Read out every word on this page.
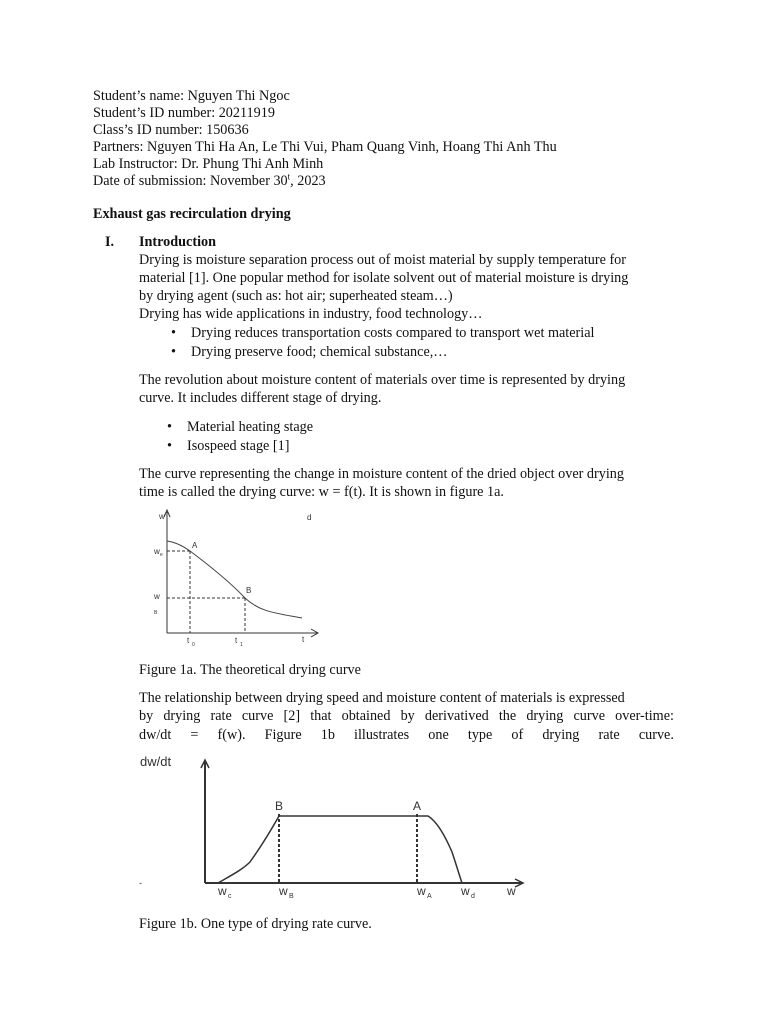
Student’s name: Nguyen Thi Ngoc
Student’s ID number: 20211919
Class’s ID number: 150636
Partners: Nguyen Thi Ha An, Le Thi Vui, Pham Quang Vinh, Hoang Thi Anh Thu
Lab Instructor: Dr. Phung Thi Anh Minh
Date of submission: November 30$^t$, 2023
Exhaust gas recirculation drying
I. Introduction
Drying is moisture separation process out of moist material by supply temperature for
material [1]. One popular method for isolate solvent out of material moisture is drying
by drying agent (such as: hot air; superheated steam…)
Drying has wide applications in industry, food technology…
• Drying reduces transportation costs compared to transport wet material
• Drying preserve food; chemical substance,…
The revolution about moisture content of materials over time is represented by drying
curve. It includes different stage of drying.
• Material heating stage
• Isospeed stage [1]
The curve representing the change in moisture content of the dried object over drying
time is called the drying curve: w = f(t). It is shown in figure 1a.
w	d
w e
A
B
w
B
t 0	t 1
t
Figure 1a. The theoretical drying curve
The relationship between drying speed and moisture content of materials is expressed
by drying rate curve [2] that obtained by derivatived the drying curve over-time:
dw/dt = f(w). Figure 1b illustrates one type of drying rate curve.
dw/dt
-
B	A
w c	w B	w A w d	w
Figure 1b. One type of drying rate curve.
